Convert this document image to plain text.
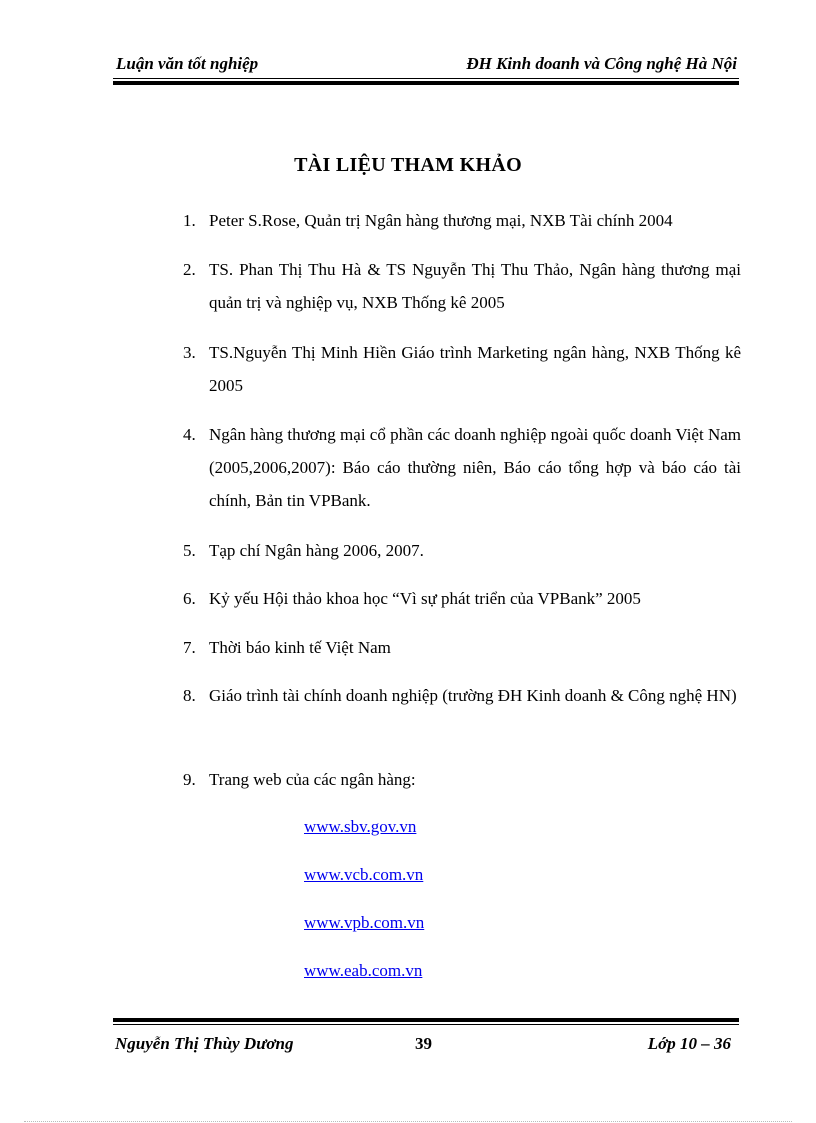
Luận văn tốt nghiệp	ĐH Kinh doanh và Công nghệ Hà Nội
TÀI LIỆU THAM KHẢO
1. Peter S.Rose, Quản trị Ngân hàng thương mại, NXB Tài chính 2004
2. TS. Phan Thị Thu Hà & TS Nguyễn Thị Thu Thảo, Ngân hàng thương mại quản trị và nghiệp vụ, NXB Thống kê 2005
3. TS.Nguyễn Thị Minh Hiền Giáo trình Marketing ngân hàng, NXB Thống kê 2005
4. Ngân hàng thương mại cổ phần các doanh nghiệp ngoài quốc doanh Việt Nam (2005,2006,2007): Báo cáo thường niên, Báo cáo tổng hợp và báo cáo tài chính, Bản tin VPBank.
5. Tạp chí Ngân hàng 2006, 2007.
6. Kỷ yếu Hội thảo khoa học “Vì sự phát triển của VPBank” 2005
7. Thời báo kinh tế Việt Nam
8. Giáo trình tài chính doanh nghiệp (trường ĐH Kinh doanh & Công nghệ HN)
9. Trang web của các ngân hàng:
www.sbv.gov.vn
www.vcb.com.vn
www.vpb.com.vn
www.eab.com.vn
Nguyễn Thị Thùy Dương	39	Lớp 10 – 36
